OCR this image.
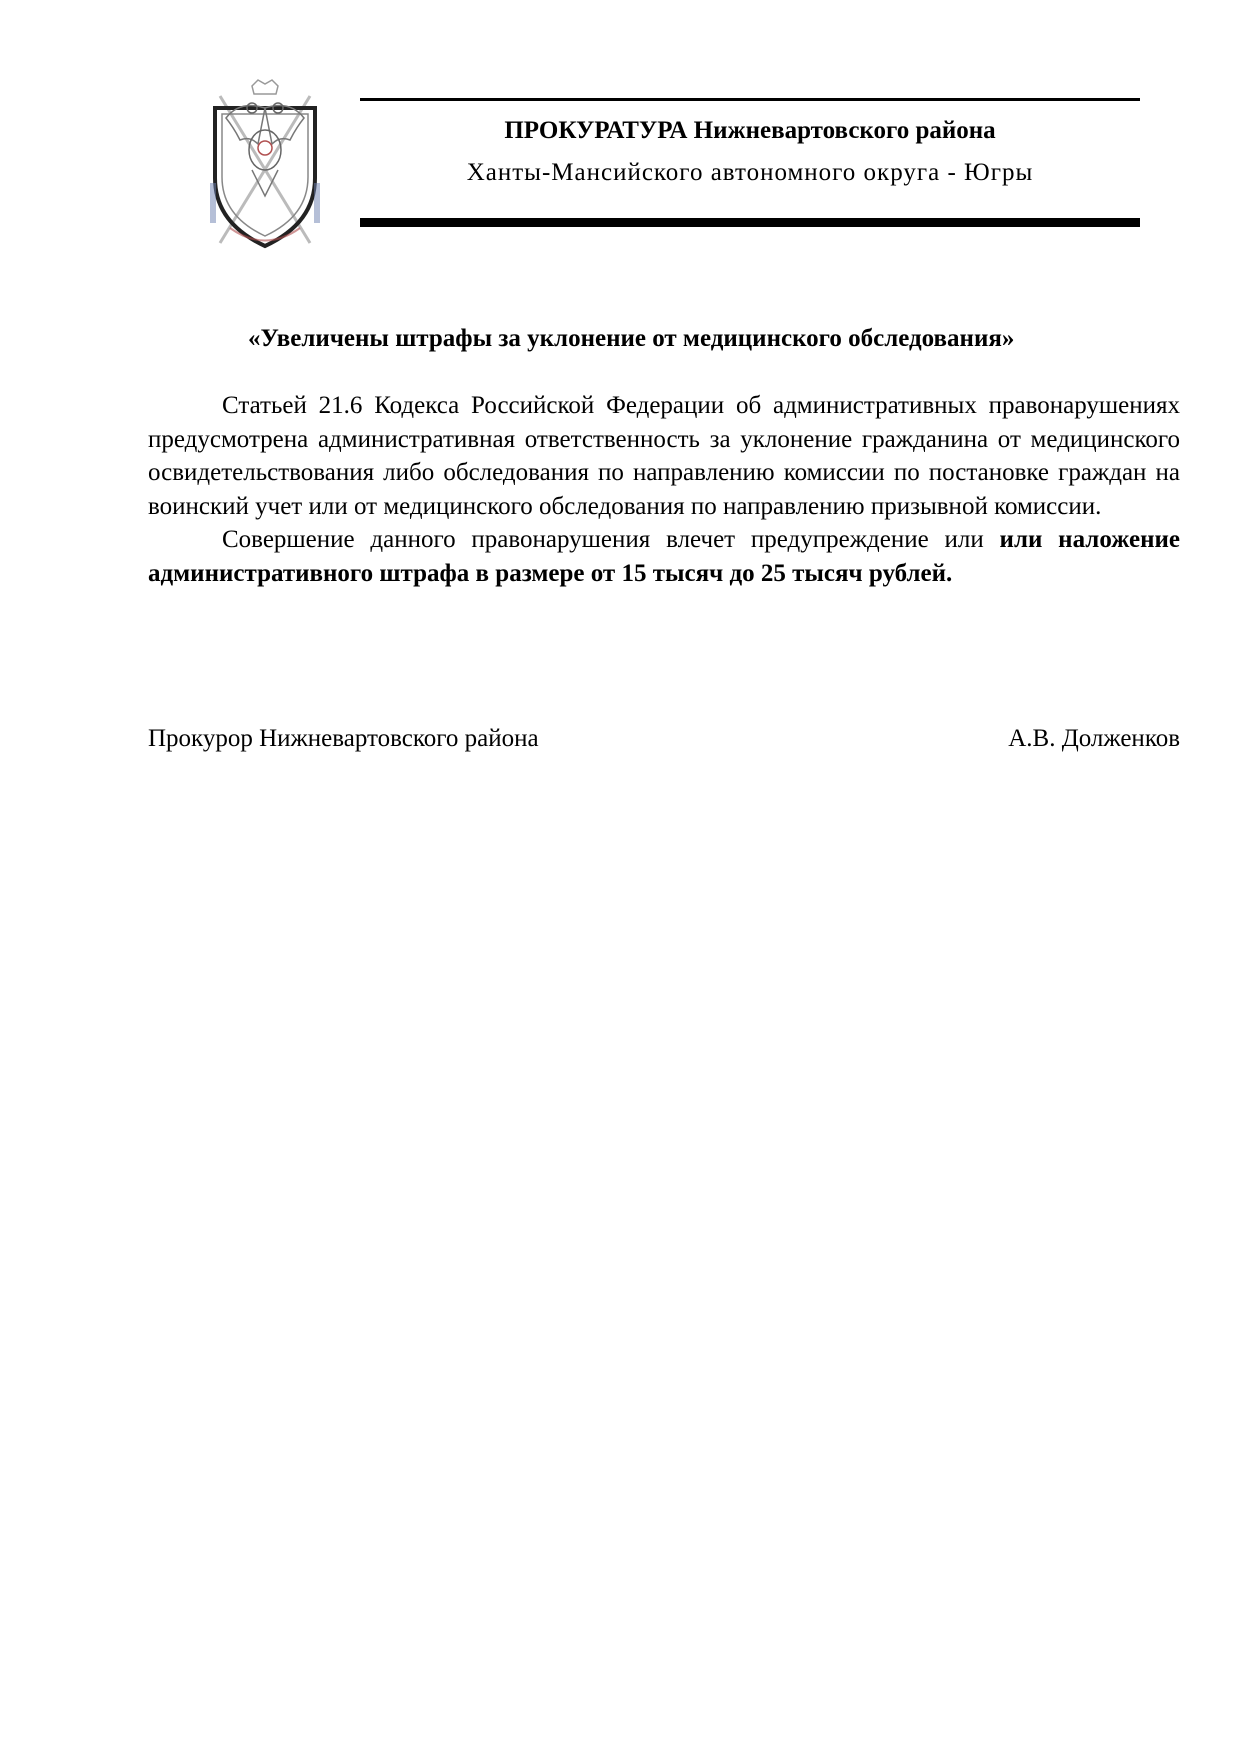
ПРОКУРАТУРА Нижневартовского района
Ханты-Мансийского автономного округа - Югры
«Увеличены штрафы за уклонение от медицинского обследования»

Статьей 21.6 Кодекса Российской Федерации об административных правонарушениях предусмотрена административная ответственность за уклонение гражданина от медицинского освидетельствования либо обследования по направлению комиссии по постановке граждан на воинский учет или от медицинского обследования по направлению призывной комиссии.

Совершение данного правонарушения влечет предупреждение или или наложение административного штрафа в размере от 15 тысяч до 25 тысяч рублей.

Прокурор Нижневартовского района	А.В. Долженков
